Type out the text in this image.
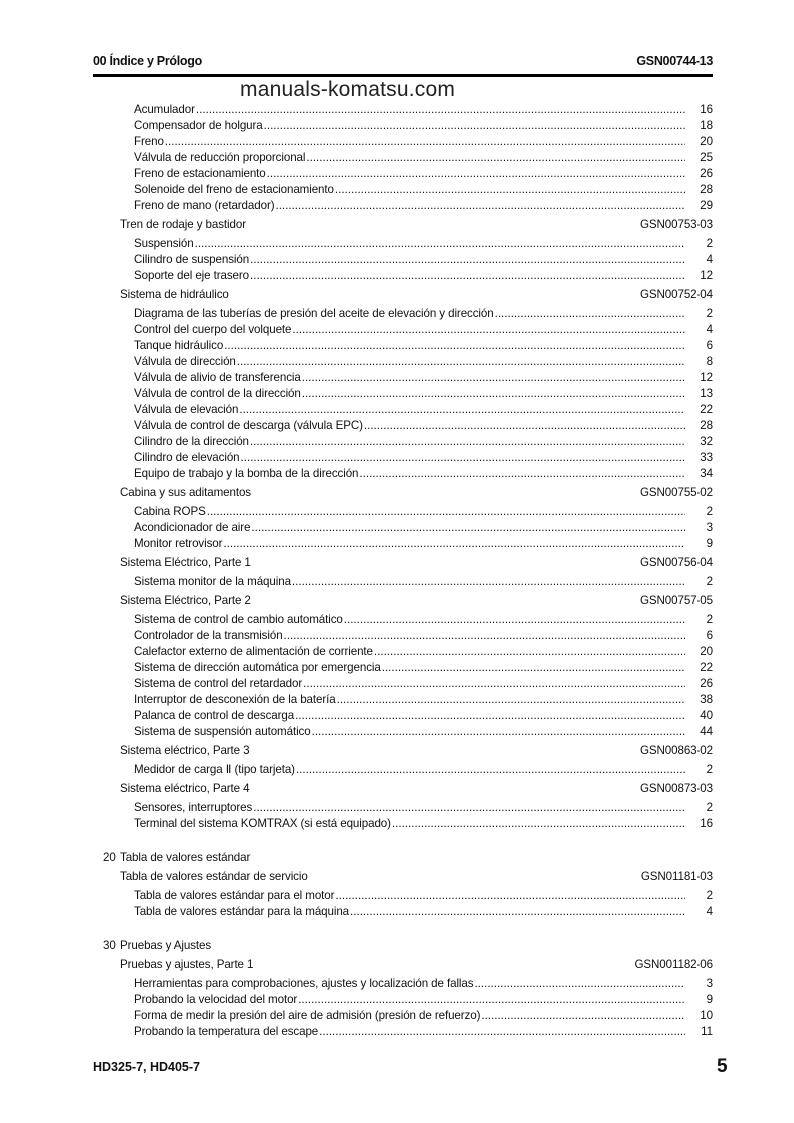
00 Índice y Prólogo	GSN00744-13
Acumulador .....	16
Compensador de holgura .....	18
Freno .....	20
Válvula de reducción proporcional .....	25
Freno de estacionamiento .....	26
Solenoide del freno de estacionamiento .....	28
Freno de mano (retardador) .....	29
Tren de rodaje y bastidor	GSN00753-03
Suspensión .....	2
Cilindro de suspensión .....	4
Soporte del eje trasero .....	12
Sistema de hidráulico	GSN00752-04
Diagrama de las tuberías de presión del aceite de elevación y dirección .....	2
Control del cuerpo del volquete .....	4
Tanque hidráulico .....	6
Válvula de dirección .....	8
Válvula de alivio de transferencia .....	12
Válvula de control de la dirección .....	13
Válvula de elevación .....	22
Válvula de control de descarga (válvula EPC) .....	28
Cilindro de la dirección .....	32
Cilindro de elevación .....	33
Equipo de trabajo y la bomba de la dirección .....	34
Cabina y sus aditamentos	GSN00755-02
Cabina ROPS .....	2
Acondicionador de aire .....	3
Monitor retrovisor .....	9
Sistema Eléctrico, Parte 1	GSN00756-04
Sistema monitor de la máquina .....	2
Sistema Eléctrico, Parte 2	GSN00757-05
Sistema de control de cambio automático .....	2
Controlador de la transmisión .....	6
Calefactor externo de alimentación de corriente .....	20
Sistema de dirección automática por emergencia .....	22
Sistema de control del retardador .....	26
Interruptor de desconexión de la batería .....	38
Palanca de control de descarga .....	40
Sistema de suspensión automático .....	44
Sistema eléctrico, Parte 3	GSN00863-02
Medidor de carga Ⅱ (tipo tarjeta) .....	2
Sistema eléctrico, Parte 4	GSN00873-03
Sensores, interruptores .....	2
Terminal del sistema KOMTRAX (si está equipado) .....	16
20 Tabla de valores estándar
Tabla de valores estándar de servicio	GSN01181-03
Tabla de valores estándar para el motor .....	2
Tabla de valores estándar para la máquina .....	4
30 Pruebas y Ajustes
Pruebas y ajustes, Parte 1	GSN001182-06
Herramientas para comprobaciones, ajustes y localización de fallas .....	3
Probando la velocidad del motor .....	9
Forma de medir la presión del aire de admisión (presión de refuerzo) .....	10
Probando la temperatura del escape .....	11
manuals-komatsu.com
HD325-7, HD405-7	5
